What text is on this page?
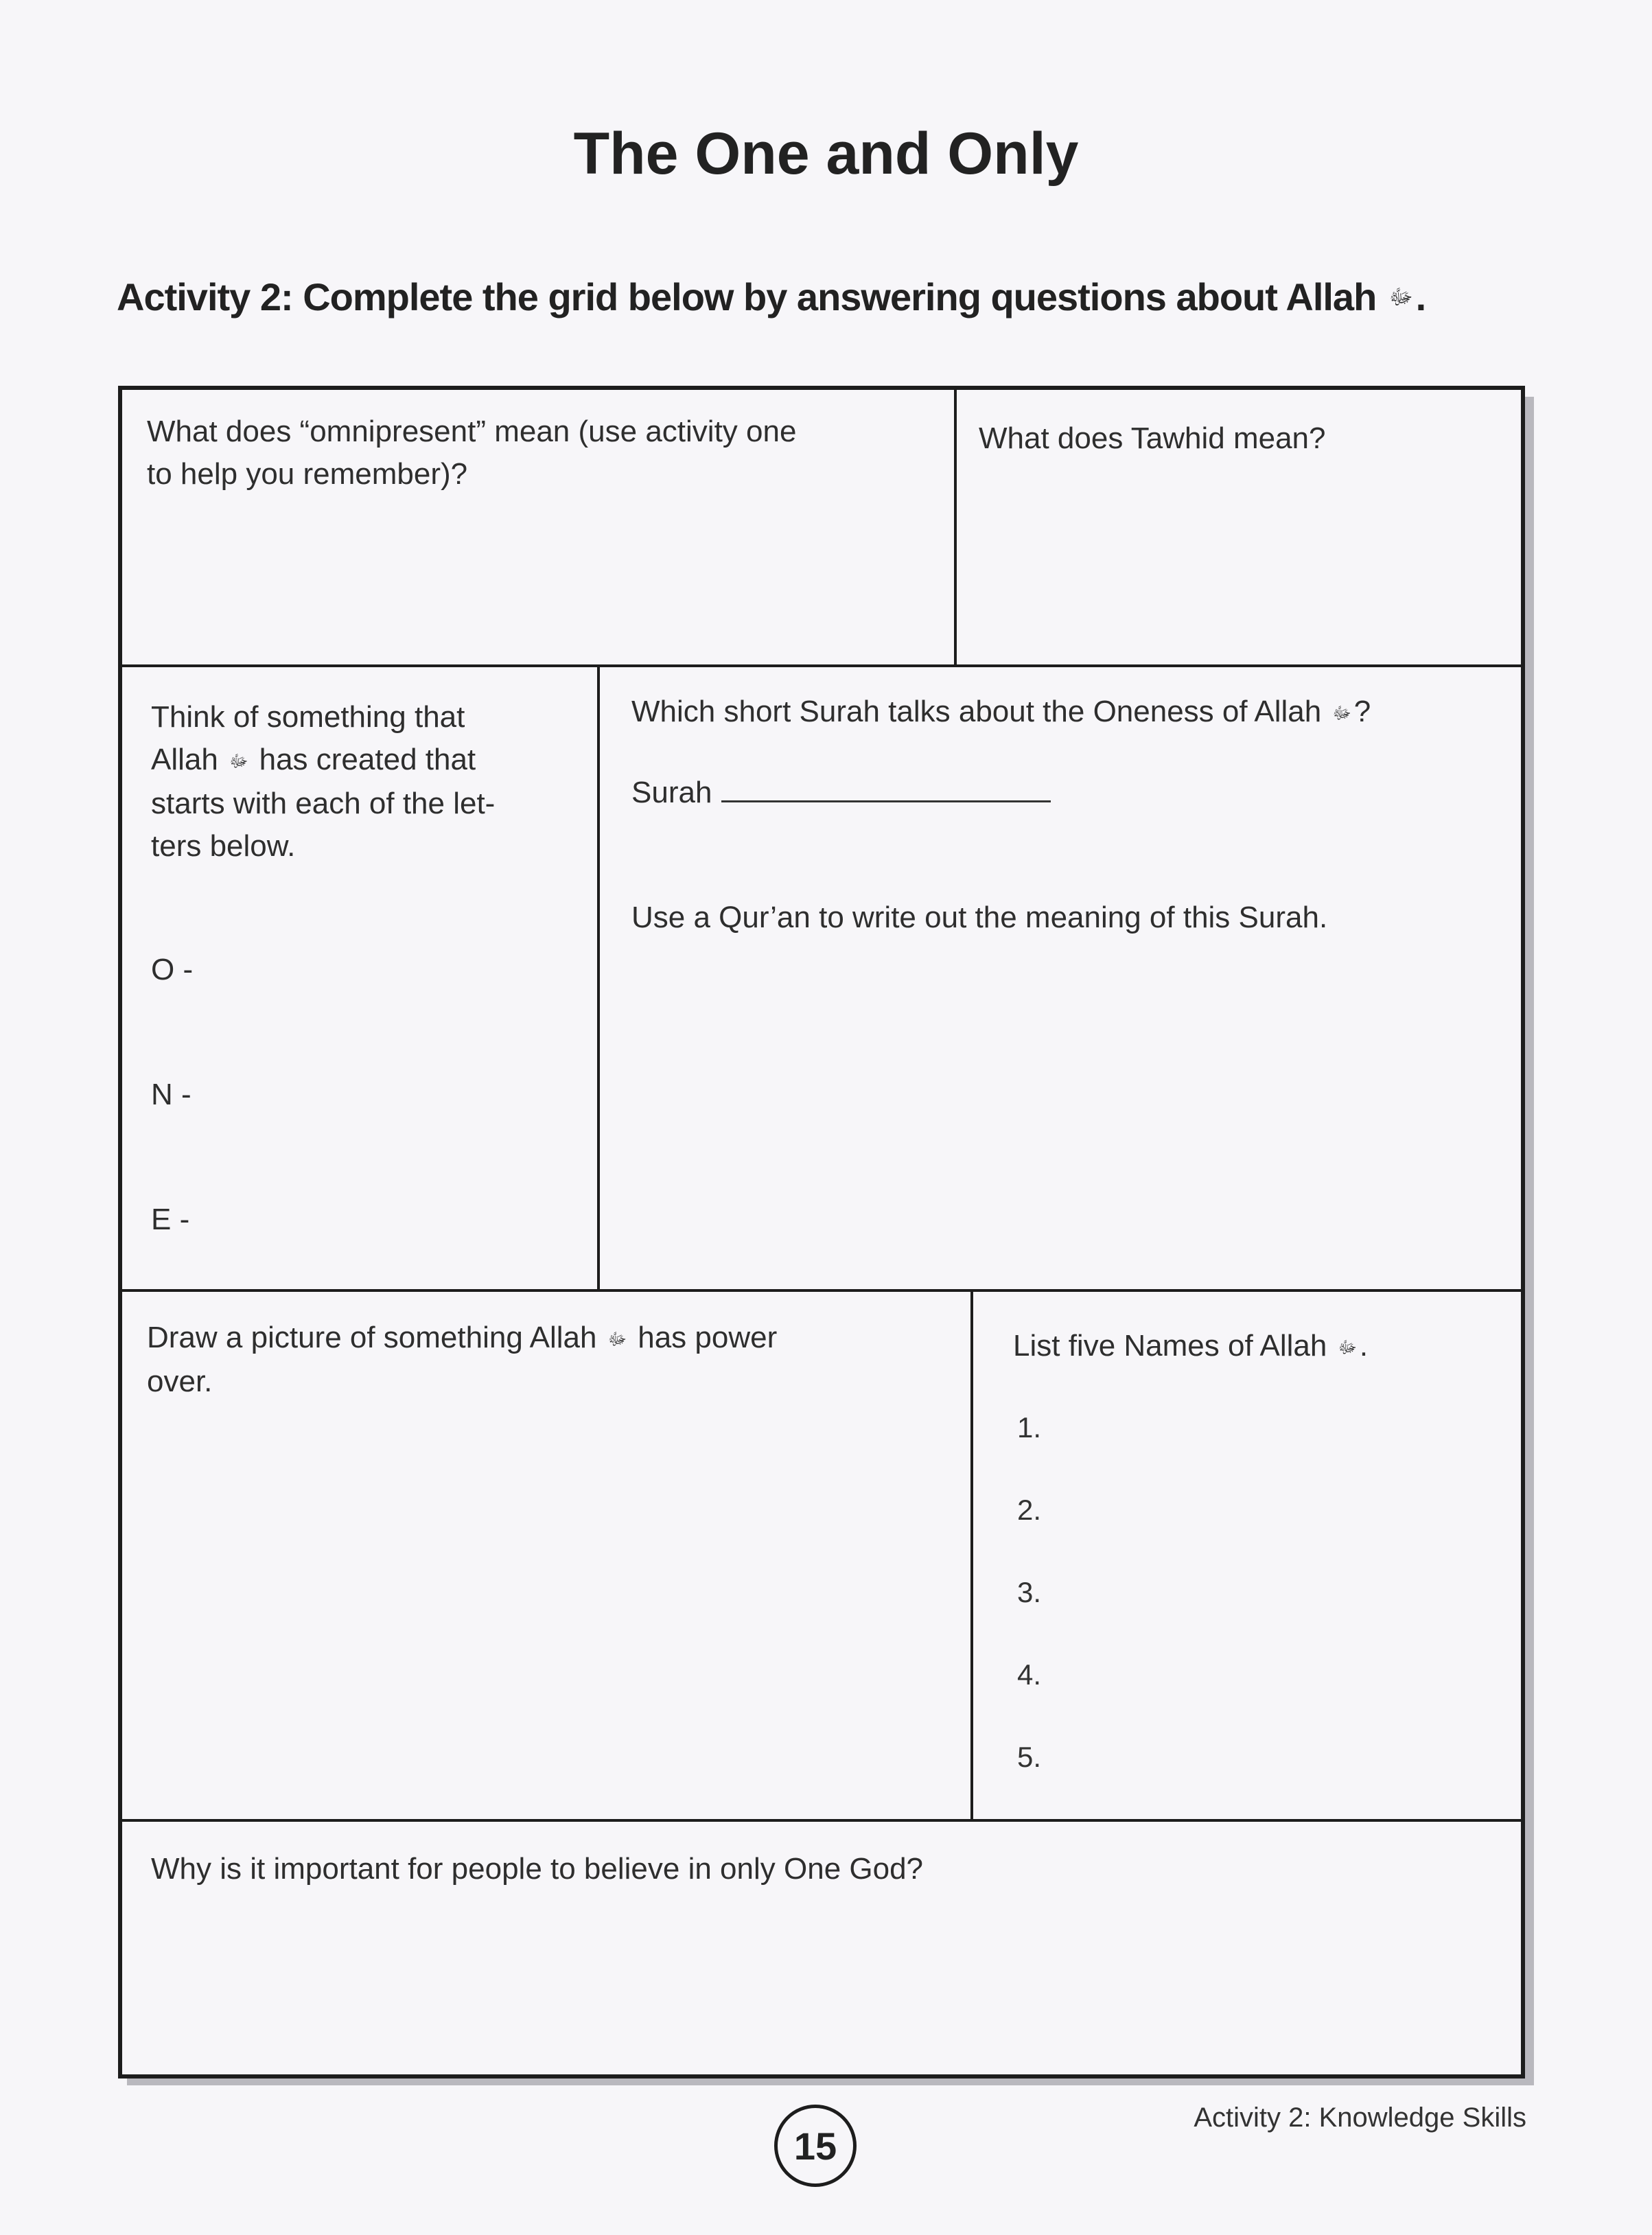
The One and Only
Activity 2: Complete the grid below by answering questions about Allah ﷻ.
What does “omnipresent” mean (use activity one
to help you remember)?
What does Tawhid mean?
Think of something that
Allah ﷻ has created that
starts with each of the let-
ters below.
O -
N -
E -
Which short Surah talks about the Oneness of Allah ﷻ?
Surah
Use a Qur’an to write out the meaning of this Surah.
Draw a picture of something Allah ﷻ has power
over.
List five Names of Allah ﷻ.
1.
2.
3.
4.
5.
Why is it important for people to believe in only One God?
15
Activity 2: Knowledge Skills
